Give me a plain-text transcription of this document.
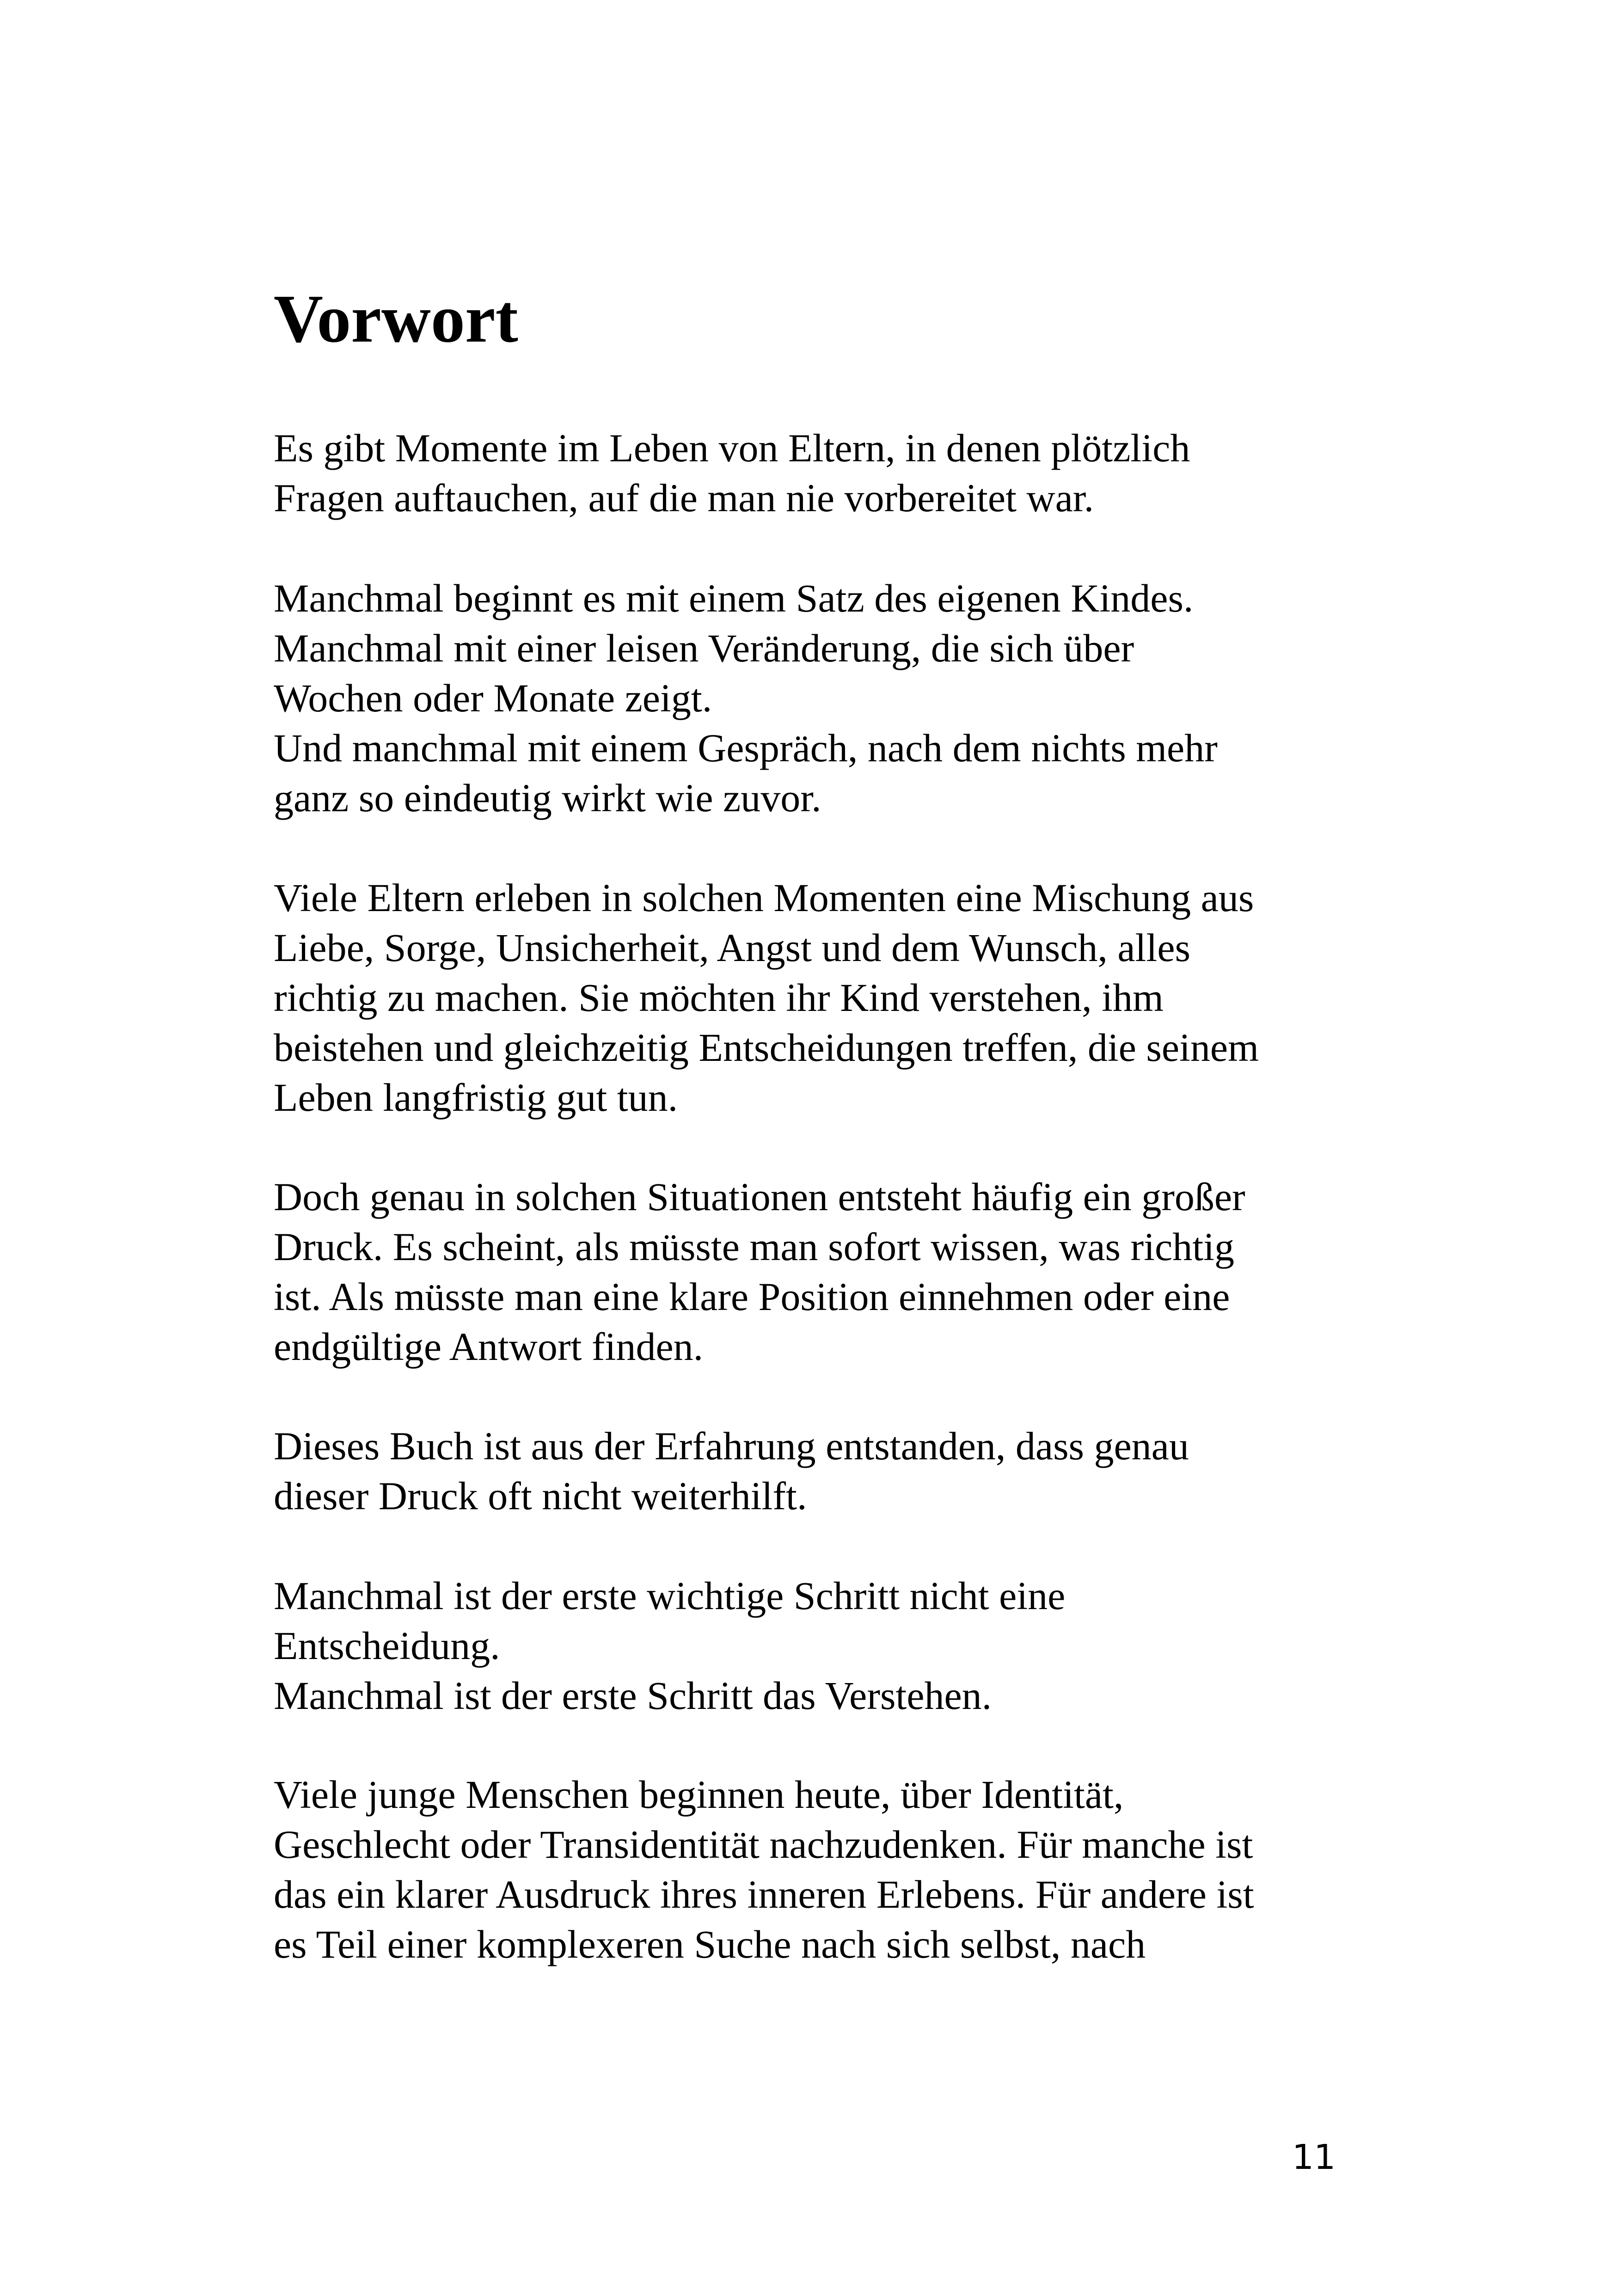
Vorwort

Es gibt Momente im Leben von Eltern, in denen plötzlich
Fragen auftauchen, auf die man nie vorbereitet war.

Manchmal beginnt es mit einem Satz des eigenen Kindes.
Manchmal mit einer leisen Veränderung, die sich über
Wochen oder Monate zeigt.
Und manchmal mit einem Gespräch, nach dem nichts mehr
ganz so eindeutig wirkt wie zuvor.

Viele Eltern erleben in solchen Momenten eine Mischung aus
Liebe, Sorge, Unsicherheit, Angst und dem Wunsch, alles
richtig zu machen. Sie möchten ihr Kind verstehen, ihm
beistehen und gleichzeitig Entscheidungen treffen, die seinem
Leben langfristig gut tun.

Doch genau in solchen Situationen entsteht häufig ein großer
Druck. Es scheint, als müsste man sofort wissen, was richtig
ist. Als müsste man eine klare Position einnehmen oder eine
endgültige Antwort finden.

Dieses Buch ist aus der Erfahrung entstanden, dass genau
dieser Druck oft nicht weiterhilft.

Manchmal ist der erste wichtige Schritt nicht eine
Entscheidung.
Manchmal ist der erste Schritt das Verstehen.

Viele junge Menschen beginnen heute, über Identität,
Geschlecht oder Transidentität nachzudenken. Für manche ist
das ein klarer Ausdruck ihres inneren Erlebens. Für andere ist
es Teil einer komplexeren Suche nach sich selbst, nach

11
